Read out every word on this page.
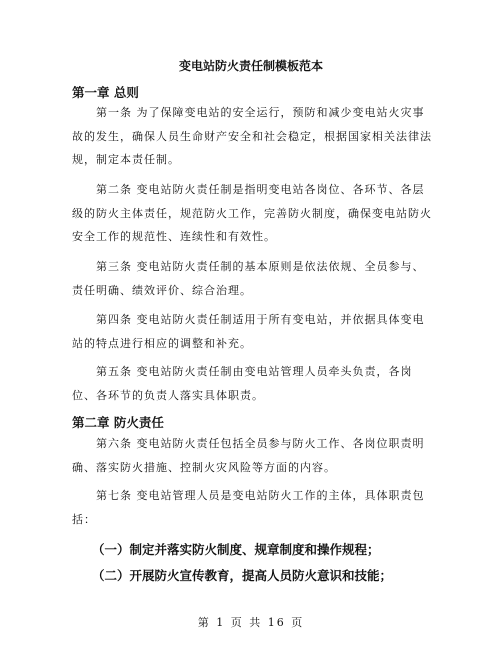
变电站防火责任制模板范本
第一章 总则
第一条 为了保障变电站的安全运行，预防和减少变电站火灾事故的发生，确保人员生命财产安全和社会稳定，根据国家相关法律法规，制定本责任制。
第二条 变电站防火责任制是指明变电站各岗位、各环节、各层级的防火主体责任，规范防火工作，完善防火制度，确保变电站防火安全工作的规范性、连续性和有效性。
第三条 变电站防火责任制的基本原则是依法依规、全员参与、责任明确、绩效评价、综合治理。
第四条 变电站防火责任制适用于所有变电站，并依据具体变电站的特点进行相应的调整和补充。
第五条 变电站防火责任制由变电站管理人员牵头负责，各岗位、各环节的负责人落实具体职责。
第二章 防火责任
第六条 变电站防火责任包括全员参与防火工作、各岗位职责明确、落实防火措施、控制火灾风险等方面的内容。
第七条 变电站管理人员是变电站防火工作的主体，具体职责包括：
（一）制定并落实防火制度、规章制度和操作规程；
（二）开展防火宣传教育，提高人员防火意识和技能；
第 1 页 共 16 页
